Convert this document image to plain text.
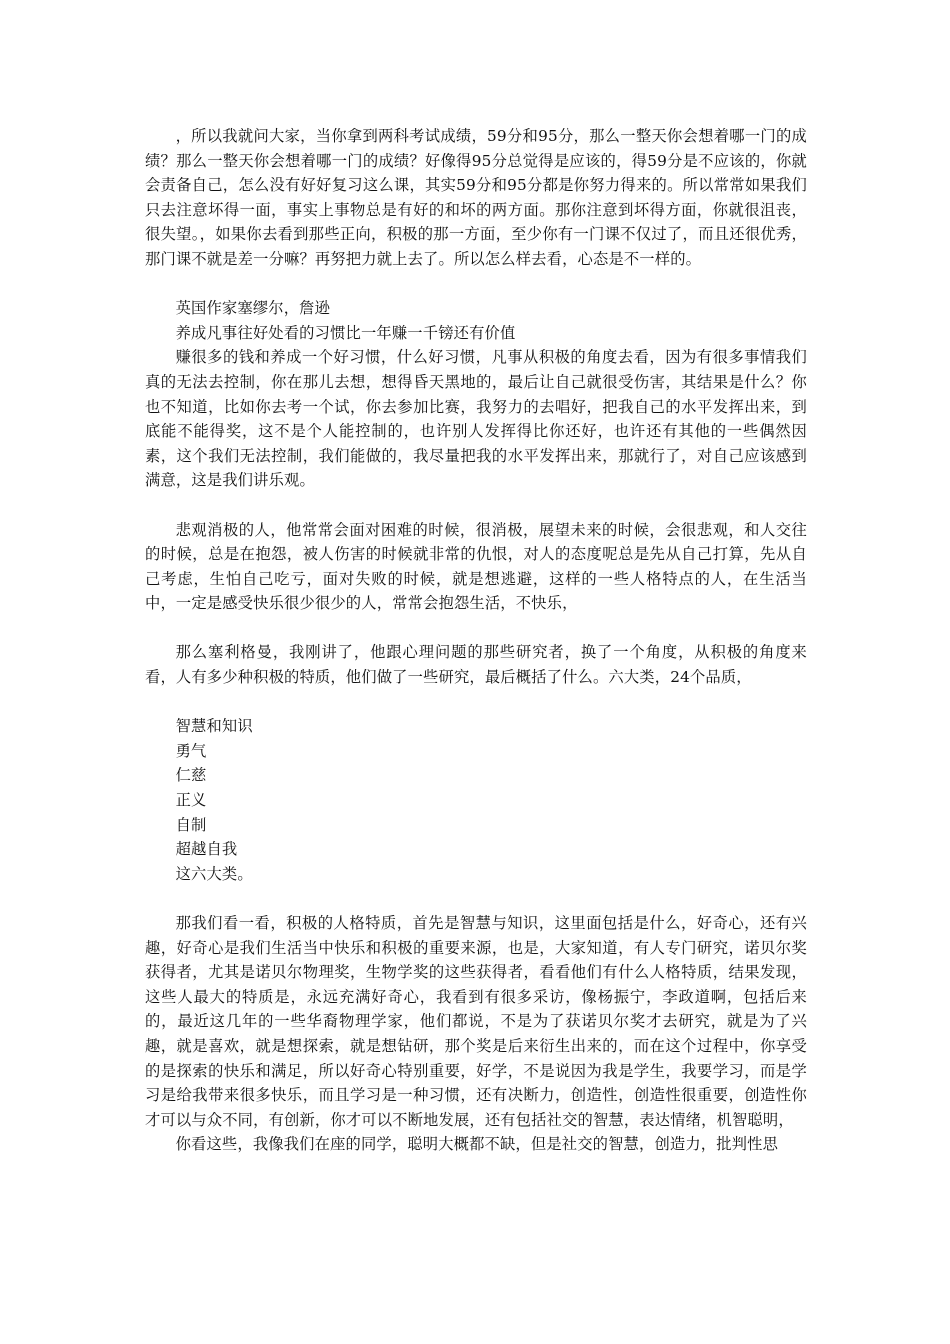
，所以我就问大家，当你拿到两科考试成绩，59分和95分，那么一整天你会想着哪一门的成绩？那么一整天你会想着哪一门的成绩？好像得95分总觉得是应该的，得59分是不应该的，你就会责备自己，怎么没有好好复习这么课，其实59分和95分都是你努力得来的。所以常常如果我们只去注意坏得一面，事实上事物总是有好的和坏的两方面。那你注意到坏得方面，你就很沮丧，很失望。，如果你去看到那些正向，积极的那一方面，至少你有一门课不仅过了，而且还很优秀，那门课不就是差一分嘛？再努把力就上去了。所以怎么样去看，心态是不一样的。

英国作家塞缪尔，詹逊

养成凡事往好处看的习惯比一年赚一千镑还有价值

赚很多的钱和养成一个好习惯，什么好习惯，凡事从积极的角度去看，因为有很多事情我们真的无法去控制，你在那儿去想，想得昏天黑地的，最后让自己就很受伤害，其结果是什么？你也不知道，比如你去考一个试，你去参加比赛，我努力的去唱好，把我自己的水平发挥出来，到底能不能得奖，这不是个人能控制的，也许别人发挥得比你还好，也许还有其他的一些偶然因素，这个我们无法控制，我们能做的，我尽量把我的水平发挥出来，那就行了，对自己应该感到满意，这是我们讲乐观。

悲观消极的人，他常常会面对困难的时候，很消极，展望未来的时候，会很悲观，和人交往的时候，总是在抱怨，被人伤害的时候就非常的仇恨，对人的态度呢总是先从自己打算，先从自己考虑，生怕自己吃亏，面对失败的时候，就是想逃避，这样的一些人格特点的人，在生活当中，一定是感受快乐很少很少的人，常常会抱怨生活，不快乐，

那么塞利格曼，我刚讲了，他跟心理问题的那些研究者，换了一个角度，从积极的角度来看，人有多少种积极的特质，他们做了一些研究，最后概括了什么。六大类，24个品质，

智慧和知识

勇气

仁慈

正义

自制

超越自我

这六大类。

那我们看一看，积极的人格特质，首先是智慧与知识，这里面包括是什么，好奇心，还有兴趣，好奇心是我们生活当中快乐和积极的重要来源，也是，大家知道，有人专门研究，诺贝尔奖获得者，尤其是诺贝尔物理奖，生物学奖的这些获得者，看看他们有什么人格特质，结果发现，这些人最大的特质是，永远充满好奇心，我看到有很多采访，像杨振宁，李政道啊，包括后来的，最近这几年的一些华裔物理学家，他们都说，不是为了获诺贝尔奖才去研究，就是为了兴趣，就是喜欢，就是想探索，就是想钻研，那个奖是后来衍生出来的，而在这个过程中，你享受的是探索的快乐和满足，所以好奇心特别重要，好学，不是说因为我是学生，我要学习，而是学习是给我带来很多快乐，而且学习是一种习惯，还有决断力，创造性，创造性很重要，创造性你才可以与众不同，有创新，你才可以不断地发展，还有包括社交的智慧，表达情绪，机智聪明，

你看这些，我像我们在座的同学，聪明大概都不缺，但是社交的智慧，创造力，批判性思
